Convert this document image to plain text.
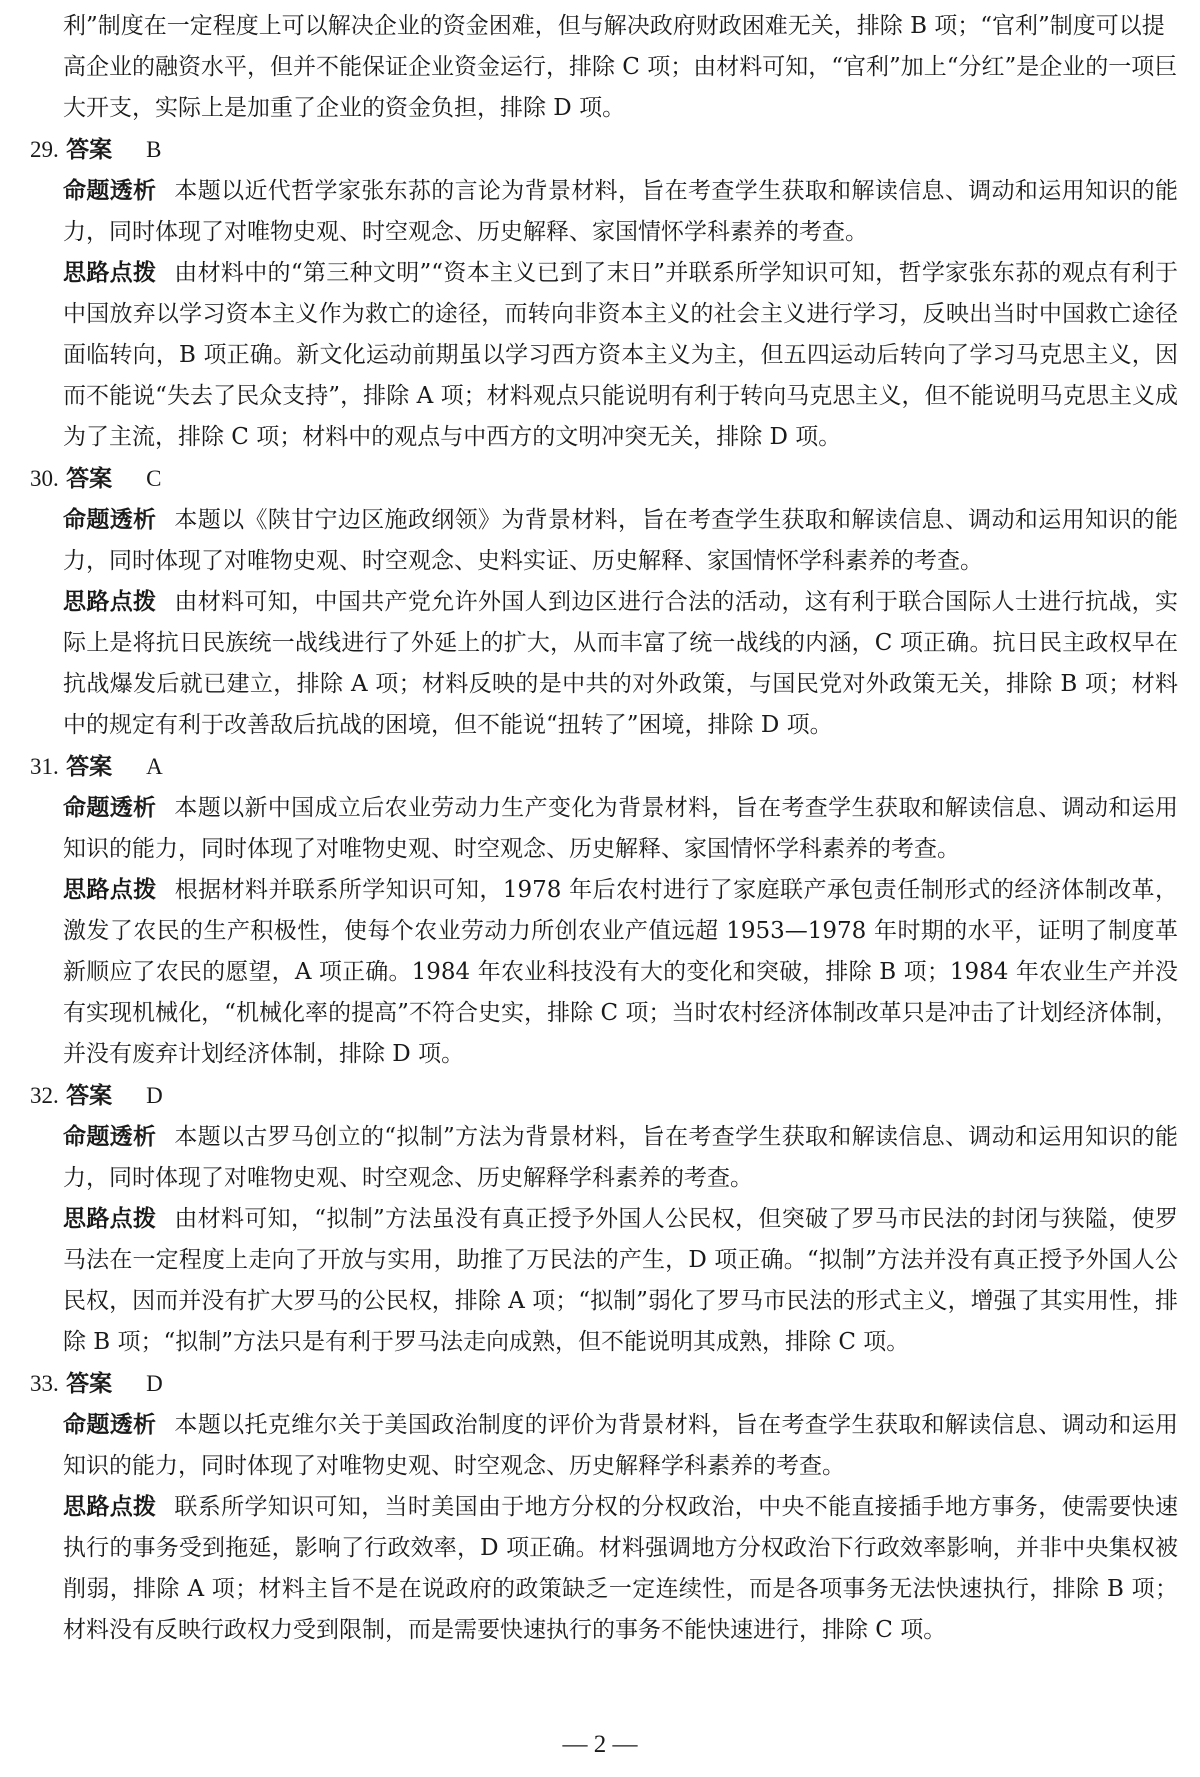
利”制度在一定程度上可以解决企业的资金困难，但与解决政府财政困难无关，排除 B 项；“官利”制度可以提高企业的融资水平，但并不能保证企业资金运行，排除 C 项；由材料可知，“官利”加上“分红”是企业的一项巨大开支，实际上是加重了企业的资金负担，排除 D 项。

29. 答案 B

命题透析 本题以近代哲学家张东荪的言论为背景材料，旨在考查学生获取和解读信息、调动和运用知识的能力，同时体现了对唯物史观、时空观念、历史解释、家国情怀学科素养的考查。

思路点拨 由材料中的“第三种文明”“资本主义已到了末日”并联系所学知识可知，哲学家张东荪的观点有利于中国放弃以学习资本主义作为救亡的途径，而转向非资本主义的社会主义进行学习，反映出当时中国救亡途径面临转向，B 项正确。新文化运动前期虽以学习西方资本主义为主，但五四运动后转向了学习马克思主义，因而不能说“失去了民众支持”，排除 A 项；材料观点只能说明有利于转向马克思主义，但不能说明马克思主义成为了主流，排除 C 项；材料中的观点与中西方的文明冲突无关，排除 D 项。

30. 答案 C

命题透析 本题以《陕甘宁边区施政纲领》为背景材料，旨在考查学生获取和解读信息、调动和运用知识的能力，同时体现了对唯物史观、时空观念、史料实证、历史解释、家国情怀学科素养的考查。

思路点拨 由材料可知，中国共产党允许外国人到边区进行合法的活动，这有利于联合国际人士进行抗战，实际上是将抗日民族统一战线进行了外延上的扩大，从而丰富了统一战线的内涵，C 项正确。抗日民主政权早在抗战爆发后就已建立，排除 A 项；材料反映的是中共的对外政策，与国民党对外政策无关，排除 B 项；材料中的规定有利于改善敌后抗战的困境，但不能说“扭转了”困境，排除 D 项。

31. 答案 A

命题透析 本题以新中国成立后农业劳动力生产变化为背景材料，旨在考查学生获取和解读信息、调动和运用知识的能力，同时体现了对唯物史观、时空观念、历史解释、家国情怀学科素养的考查。

思路点拨 根据材料并联系所学知识可知，1978 年后农村进行了家庭联产承包责任制形式的经济体制改革，激发了农民的生产积极性，使每个农业劳动力所创农业产值远超 1953—1978 年时期的水平，证明了制度革新顺应了农民的愿望，A 项正确。1984 年农业科技没有大的变化和突破，排除 B 项；1984 年农业生产并没有实现机械化，“机械化率的提高”不符合史实，排除 C 项；当时农村经济体制改革只是冲击了计划经济体制，并没有废弃计划经济体制，排除 D 项。

32. 答案 D

命题透析 本题以古罗马创立的“拟制”方法为背景材料，旨在考查学生获取和解读信息、调动和运用知识的能力，同时体现了对唯物史观、时空观念、历史解释学科素养的考查。

思路点拨 由材料可知，“拟制”方法虽没有真正授予外国人公民权，但突破了罗马市民法的封闭与狭隘，使罗马法在一定程度上走向了开放与实用，助推了万民法的产生，D 项正确。“拟制”方法并没有真正授予外国人公民权，因而并没有扩大罗马的公民权，排除 A 项；“拟制”弱化了罗马市民法的形式主义，增强了其实用性，排除 B 项；“拟制”方法只是有利于罗马法走向成熟，但不能说明其成熟，排除 C 项。

33. 答案 D

命题透析 本题以托克维尔关于美国政治制度的评价为背景材料，旨在考查学生获取和解读信息、调动和运用知识的能力，同时体现了对唯物史观、时空观念、历史解释学科素养的考查。

思路点拨 联系所学知识可知，当时美国由于地方分权的分权政治，中央不能直接插手地方事务，使需要快速执行的事务受到拖延，影响了行政效率，D 项正确。材料强调地方分权政治下行政效率影响，并非中央集权被削弱，排除 A 项；材料主旨不是在说政府的政策缺乏一定连续性，而是各项事务无法快速执行，排除 B 项；材料没有反映行政权力受到限制，而是需要快速执行的事务不能快速进行，排除 C 项。

— 2 —
